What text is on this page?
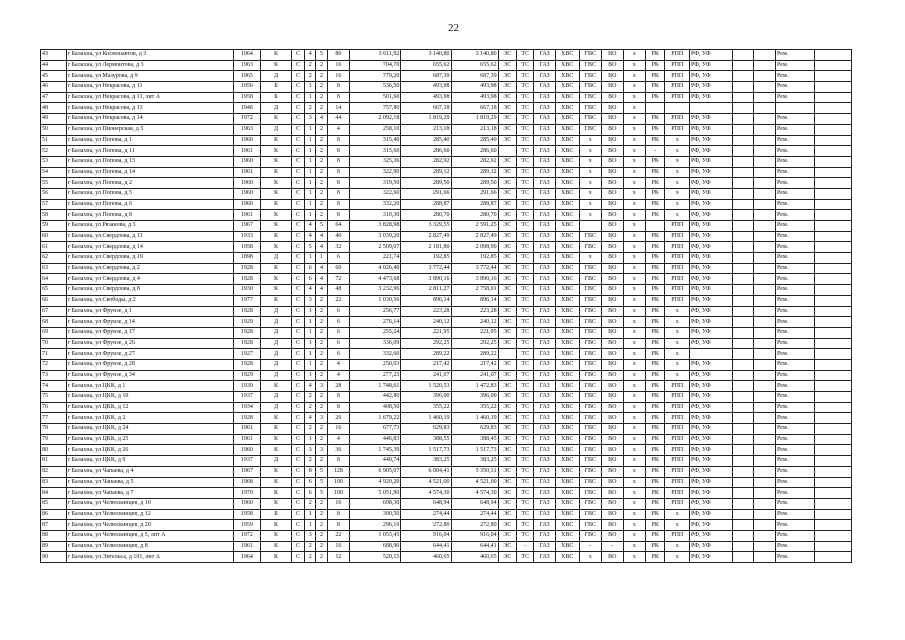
22
43	г Балахна, ул Космонавтов, д 3	1964	К	С	4	5	80	3 611,92	3 140,80	3 140,80	ЭС	ТС	ГАЗ	ХВС	ГВС	ВО	x	РК	РПП	РФ, УФ			Рем.	
44	г Балахна, ул Лермонтова, д 3	1963	К	С	2	2	16	704,70	655,62	655,62	ЭС	ТС	ГАЗ	ХВС	ГВС	ВО	x	РК	РПП	РФ, УФ			Рем.	
45	г Балахна, ул Мазурова, д 9	1965	Д	С	2	2	16	779,20	687,39	687,39	ЭС	ТС	ГАЗ	ХВС	ГВС	ВО	x	РК	РПП	РФ, УФ			Рем.	
46	г Балахна, ул Некрасова, д 11	1956	Б	С	1	2	8	536,50	493,98	493,98	ЭС	ТС	ГАЗ	ХВС	ГВС	ВО	x	РК	РПП	РФ, УФ			Рем.	
47	г Балахна, ул Некрасова, д 11, лит А	1958	Б	С	1	2	8	501,60	493,98	493,98	ЭС	ТС	ГАЗ	ХВС	ГВС	ВО	x	РК	РПП	РФ, УФ			Рем.	
48	г Балахна, ул Некрасова, д 13	1948	Д	С	2	2	14	757,80	667,18	667,18	ЭС	ТС	ГАЗ	ХВС	ГВС	ВО	x							
49	г Балахна, ул Некрасова, д 14	1972	К	С	3	4	44	2 092,18	1 819,29	1 819,29	ЭС	ТС	ГАЗ	ХВС	ГВС	ВО	x	РК	РПП	РФ, УФ			Рем.	
50	г Балахна, ул Пионерская, д 5	1963	Д	С	1	2	4	258,10	213,18	213,18	ЭС	ТС	ГАЗ	ХВС	ГВС	ВО	x	РК	РПП	РФ, УФ			Рем.	
51	г Балахна, ул Попова, д 1	1960	К	С	1	2	8	315,40	285,40	285,40	ЭС	ТС	ГАЗ	ХВС	x	ВО	x	РК	x	РФ, УФ			Рем.	
52	г Балахна, ул Попова, д 11	1961	К	С	1	2	8	315,60	286,60	286,60		ТС	ГАЗ	ХВС	x	ВО	x	-	x	РФ, УФ			Рем.	
53	г Балахна, ул Попова, д 13	1960	К	С	1	2	8	325,36	282,92	282,92	ЭС	ТС	ГАЗ	ХВС	x	ВО	x	РК	x	РФ, УФ			Рем.	
54	г Балахна, ул Попова, д 14	1961	К	С	1	2	8	322,90	289,12	289,12	ЭС	ТС	ГАЗ	ХВС	x	ВО	x	РК	x	РФ, УФ			Рем.	
55	г Балахна, ул Попова, д 2	1960	К	С	1	2	8	319,50	289,50	289,50	ЭС	ТС	ГАЗ	ХВС	x	ВО	x	РК	x	РФ, УФ			Рем.	
56	г Балахна, ул Попова, д 5	1960	К	С	1	2	8	322,60	291,66	291,66	ЭС	ТС	ГАЗ	ХВС	x	ВО	x	РК	x	РФ, УФ			Рем.	
57	г Балахна, ул Попова, д 6	1960	К	С	1	2	8	332,20	288,87	288,87	ЭС	ТС	ГАЗ	ХВС	x	ВО	x	РК	x	РФ, УФ			Рем.	
58	г Балахна, ул Попова, д 8	1961	К	С	1	2	8	310,30	280,70	280,70	ЭС	ТС	ГАЗ	ХВС	x	ВО	x	РК	x	РФ, УФ			Рем.	
59	г Балахна, ул Рязанова, д 3	1967	К	С	4	5	64	3 828,98	3 329,55	2 591,25	ЭС	ТС	ГАЗ	ХВС		ВО	x		РПП	РФ, УФ			Рем.	
60	г Балахна, ул Свердлова, д 11	1933	К	С	4	4	40	3 039,20	2 827,49	2 827,49	ЭС	ТС	ГАЗ	ХВС	ГВС	ВО	x	РК	РПП	РФ, УФ			Рем.	
61	г Балахна, ул Свердлова, д 14	1958	К	С	5	4	32	2 509,07	2 181,80	2 098,90	ЭС	ТС	ГАЗ	ХВС	ГВС	ВО	x	РК	РПП	РФ, УФ			Рем.	
62	г Балахна, ул Свердлова, д 19	1898	Д	С	1	1	6	221,74	192,85	192,85	ЭС	ТС	ГАЗ	ХВС	x	ВО	x	РК	РПП	РФ, УФ			Рем.	
63	г Балахна, ул Свердлова, д 2	1928	К	С	6	4	60	4 026,40	3 772,44	3 772,44	ЭС	ТС	ГАЗ	ХВС	ГВС	ВО	x	РК	РПП	РФ, УФ			Рем.	
64	г Балахна, ул Свердлова, д 4	1928	К	С	6	4	72	4 473,68	3 890,16	3 890,16	ЭС	ТС	ГАЗ	ХВС	ГВС	ВО	x	РК	РПП	РФ, УФ			Рем.	
65	г Балахна, ул Свердлова, д 8	1930	К	С	4	4	48	3 232,96	2 811,27	2 758,01	ЭС	ТС	ГАЗ	ХВС	ГВС	ВО	x	РК	РПП	РФ, УФ			Рем.	
66	г Балахна, ул Свободы, д 2	1977	К	С	3	2	22	1 030,56	896,14	896,14	ЭС	ТС	ГАЗ	ХВС	ГВС	ВО	x	РК	РПП	РФ, УФ			Рем.	
67	г Балахна, ул Фрунзе, д 1	1928	Д	С	1	2	6	256,77	223,28	223,28	ЭС	ТС	ГАЗ	ХВС	ГВС	ВО	x	РК	x	РФ, УФ			Рем.	
68	г Балахна, ул Фрунзе, д 14	1929	Д	С	1	2	6	276,14	240,12	240,12	ЭС	ТС	ГАЗ	ХВС	ГВС	ВО	x	РК	x	РФ, УФ			Рем.	
69	г Балахна, ул Фрунзе, д 17	1928	Д	С	1	2	6	255,24	221,95	221,95	ЭС	ТС	ГАЗ	ХВС	ГВС	ВО	x	РК	x	РФ, УФ			Рем.	
70	г Балахна, ул Фрунзе, д 26	1928	Д	С	1	2	6	336,09	292,25	292,25	ЭС	ТС	ГАЗ	ХВС	ГВС	ВО	x	РК	x	РФ, УФ			Рем.	
71	г Балахна, ул Фрунзе, д 27	1927	Д	С	1	2	6	332,60	289,22	289,22		ТС	ГАЗ	ХВС	ГВС	ВО	x	РК	x				Рем.	
72	г Балахна, ул Фрунзе, д 28	1928	Д	С	1	2	4	250,03	217,42	217,42	ЭС	ТС	ГАЗ	ХВС	ГВС	ВО	x	РК	x	РФ, УФ			Рем.	
73	г Балахна, ул Фрунзе, д 34	1929	Д	С	1	2	4	277,23	241,07	241,07	ЭС	ТС	ГАЗ	ХВС	ГВС	ВО	x	РК	x	РФ, УФ			Рем.	
74	г Балахна, ул ЦКК, д 1	1939	К	С	4	3	28	1 748,61	1 520,53	1 472,83	ЭС	ТС	ГАЗ	ХВС	ГВС	ВО	x	РК	РПП	РФ, УФ			Рем.	
75	г Балахна, ул ЦКК, д 10	1937	Д	С	2	2	8	442,80	396,00	396,00	ЭС	ТС	ГАЗ	ХВС	ГВС	ВО	x	РК	РПП	РФ, УФ			Рем.	
76	г Балахна, ул ЦКК, д 12	1934	Д	С	2	2	8	408,50	355,22	355,22	ЭС	ТС	ГАЗ	ХВС	ГВС	ВО	x	РК	РПП	РФ, УФ			Рем.	
77	г Балахна, ул ЦКК, д 2	1928	К	С	4	3	26	1 679,22	1 460,19	1 460,19	ЭС	ТС	ГАЗ	ХВС	ГВС	ВО	x	РК	РПП	РФ, УФ			Рем.	
78	г Балахна, ул ЦКК, д 24	1961	К	С	2	2	16	677,73	629,83	629,83	ЭС	ТС	ГАЗ	ХВС	ГВС	ВО	x	РК	РПП	РФ, УФ			Рем.	
79	г Балахна, ул ЦКК, д 25	1961	К	С	1	2	4	446,83	388,55	388,45	ЭС	ТС	ГАЗ	ХВС	ГВС	ВО	x	РК	РПП	РФ, УФ			Рем.	
80	г Балахна, ул ЦКК, д 26	1960	К	С	3	3	36	1 745,39	1 517,73	1 517,73	ЭС	ТС	ГАЗ	ХВС	ГВС	ВО	x	РК	РПП	РФ, УФ			Рем.	
81	г Балахна, ул ЦКК, д 9	1937	Д	С	2	2	8	440,74	383,25	383,25	ЭС	ТС	ГАЗ	ХВС	ГВС	ВО	x	РК	РПП	РФ, УФ			Рем.	
82	г Балахна, ул Чапаева, д 4	1967	К	С	8	5	128	6 905,07	6 004,41	5 350,31	ЭС	ТС	ГАЗ	ХВС	ГВС	ВО	x	РК	РПП	РФ, УФ			Рем.	
83	г Балахна, ул Чапаева, д 5	1968	К	С	6	5	100	4 920,20	4 521,00	4 521,00	ЭС	ТС	ГАЗ	ХВС	ГВС	ВО	x	РК	РПП	РФ, УФ			Рем.	
84	г Балахна, ул Чапаева, д 7	1970	К	С	6	5	100	5 051,90	4 574,30	4 574,30	ЭС	ТС	ГАЗ	ХВС	ГВС	ВО	x	РК	РПП	РФ, УФ			Рем.	
85	г Балахна, ул Челюскинцев, д 10	1960	К	С	2	2	16	698,30	648,94	648,94	ЭС	ТС	ГАЗ	ХВС	ГВС	ВО	x	РК	РПП	РФ, УФ			Рем.	
86	г Балахна, ул Челюскинцев, д 12	1958	Б	С	1	2	8	300,50	274,44	274,44	ЭС	ТС	ГАЗ	ХВС	ГВС	ВО	x	РК	x	РФ, УФ			Рем.	
87	г Балахна, ул Челюскинцев, д 20	1959	К	С	1	2	8	296,10	272,80	272,80	ЭС	ТС	ГАЗ	ХВС	ГВС	ВО	x	РК	x	РФ, УФ			Рем.	
88	г Балахна, ул Челюскинцев, д 5, лит А	1972	К	С	3	2	22	1 053,45	916,04	916,04	ЭС	ТС	ГАЗ	ХВС	ГВС	ВО	x	РК	РПП	РФ, УФ			Рем.	
89	г Балахна, ул Челюскинцев, д 8	1961	К	С	2	2	16	688,90	644,41	644,41	ЭС	-	ГАЗ	ХВС	-	-	x	РК	x	РФ, УФ			Рем.	
90	г Балахна, ул Энгельса, д 101, лит А	1964	К	С	2	2	12	520,15	460,65	460,65	ЭС	ТС	ГАЗ	ХВС	x	ВО	x	РК	x	РФ, УФ			Рем.	
